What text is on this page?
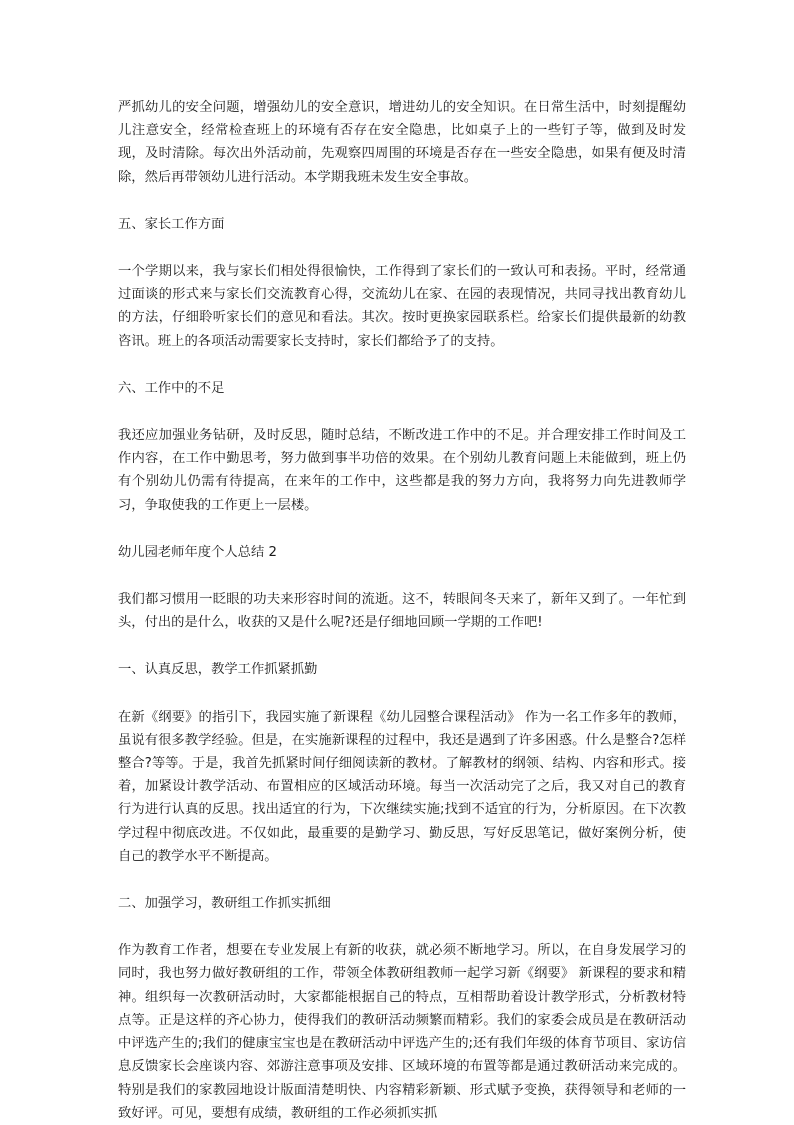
严抓幼儿的安全问题，增强幼儿的安全意识，增进幼儿的安全知识。在日常生活中，时刻提醒幼儿注意安全，经常检查班上的环境有否存在安全隐患，比如桌子上的一些钉子等，做到及时发现，及时清除。每次出外活动前，先观察四周围的环境是否存在一些安全隐患，如果有便及时清除，然后再带领幼儿进行活动。本学期我班未发生安全事故。

五、家长工作方面

一个学期以来，我与家长们相处得很愉快，工作得到了家长们的一致认可和表扬。平时，经常通过面谈的形式来与家长们交流教育心得，交流幼儿在家、在园的表现情况，共同寻找出教育幼儿的方法，仔细聆听家长们的意见和看法。其次。按时更换家园联系栏。给家长们提供最新的幼教咨讯。班上的各项活动需要家长支持时，家长们都给予了的支持。

六、工作中的不足

我还应加强业务钻研，及时反思，随时总结，不断改进工作中的不足。并合理安排工作时间及工作内容，在工作中勤思考，努力做到事半功倍的效果。在个别幼儿教育问题上未能做到，班上仍有个别幼儿仍需有待提高，在来年的工作中，这些都是我的努力方向，我将努力向先进教师学习，争取使我的工作更上一层楼。

幼儿园老师年度个人总结 2

我们都习惯用一眨眼的功夫来形容时间的流逝。这不，转眼间冬天来了，新年又到了。一年忙到头，付出的是什么，收获的又是什么呢?还是仔细地回顾一学期的工作吧!

一、认真反思，教学工作抓紧抓勤

在新《纲要》的指引下，我园实施了新课程《幼儿园整合课程活动》 作为一名工作多年的教师，虽说有很多教学经验。但是，在实施新课程的过程中，我还是遇到了许多困惑。什么是整合?怎样整合?等等。于是，我首先抓紧时间仔细阅读新的教材。了解教材的纲领、结构、内容和形式。接着，加紧设计教学活动、布置相应的区域活动环境。每当一次活动完了之后，我又对自己的教育行为进行认真的反思。找出适宜的行为，下次继续实施;找到不适宜的行为，分析原因。在下次教学过程中彻底改进。不仅如此，最重要的是勤学习、勤反思，写好反思笔记，做好案例分析，使自己的教学水平不断提高。

二、加强学习，教研组工作抓实抓细

作为教育工作者，想要在专业发展上有新的收获，就必须不断地学习。所以，在自身发展学习的同时，我也努力做好教研组的工作，带领全体教研组教师一起学习新《纲要》 新课程的要求和精神。组织每一次教研活动时，大家都能根据自己的特点，互相帮助着设计教学形式，分析教材特点等。正是这样的齐心协力，使得我们的教研活动频繁而精彩。我们的家委会成员是在教研活动中评选产生的;我们的健康宝宝也是在教研活动中评选产生的;还有我们年级的体育节项目、家访信息反馈家长会座谈内容、郊游注意事项及安排、区域环境的布置等都是通过教研活动来完成的。特别是我们的家教园地设计版面清楚明快、内容精彩新颖、形式赋予变换，获得领导和老师的一致好评。可见，要想有成绩，教研组的工作必须抓实抓
